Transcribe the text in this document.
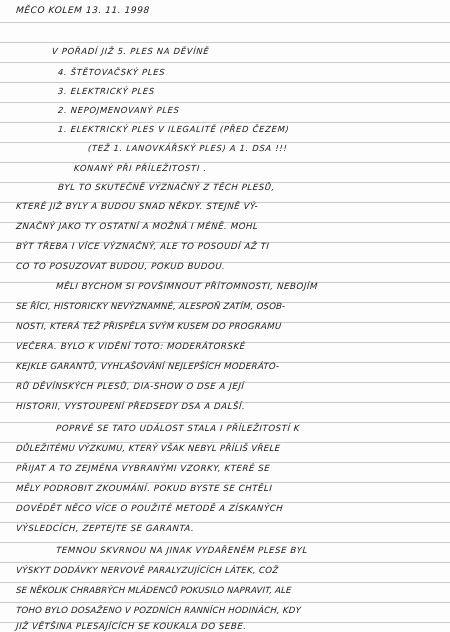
MĚCO KOLEM 13. 11. 1998
V POŘADÍ JIŽ 5. PLES NA DĚVÍNĚ
4. ŠTĚTOVAČSKÝ PLES
3. ELEKTRICKÝ PLES
2. NEPOJMENOVANÝ PLES
1. ELEKTRICKÝ PLES V ILEGALITĚ (PŘED ČEZEM)
(TEŽ 1. LANOVKÁŘSKÝ PLES) A 1. DSA !!!
KONANÝ PŘI PŘÍLEŽITOSTI .
BYL TO SKUTEČNĚ VÝZNAČNÝ Z TĚCH PLESŮ,
KTERÉ JIŽ BYLY A BUDOU SNAD NĚKDY. STEJNĚ VÝ-
ZNAČNÝ JAKO TY OSTATNÍ A MOŽNÁ I MÉNĚ. MOHL
BÝT TŘEBA I VÍCE VÝZNAČNÝ, ALE TO POSOUDÍ AŽ TI
CO TO POSUZOVAT BUDOU, POKUD BUDOU.
MĚLI BYCHOM SI POVŠIMNOUT PŘÍTOMNOSTI, NEBOJÍM
SE ŘÍCI, HISTORICKY NEVÝZNAMNÉ, ALESPOŇ ZATÍM, OSOB-
NOSTI, KTERÁ TEŽ PŘISPĚLA SVÝM KUSEM DO PROGRAMU
VEČERA. BYLO K VIDĚNÍ TOTO: MODERÁTORSKÉ
KEJKLE GARANTŮ, VYHLAŠOVÁNÍ NEJLEPŠÍCH MODERÁTO-
RŮ DĚVÍNSKÝCH PLESŮ, DIA-SHOW O DSE A JEJÍ
HISTORII, VYSTOUPENÍ PŘEDSEDY DSA A DALŠÍ.
POPRVÉ SE TATO UDÁLOST STALA I PŘÍLEŽITOSTÍ K
DŮLEŽITÉMU VÝZKUMU, KTERÝ VŠAK NEBYL PŘÍLIŠ VŘELE
PŘIJAT A TO ZEJMÉNA VYBRANÝMI VZORKY, KTERÉ SE
MĚLY PODROBIT ZKOUMÁNÍ. POKUD BYSTE SE CHTĚLI
DOVĚDĚT NĚCO VÍCE O POUŽITÉ METODĚ A ZÍSKANÝCH
VÝSLEDCÍCH, ZEPTEJTE SE GARANTA.
TEMNOU SKVRNOU NA JINAK VYDAŘENÉM PLESE BYL
VÝSKYT DODÁVKY NERVOVĚ PARALYZUJÍCÍCH LÁTEK, COŽ
SE NĚKOLIK CHRABRÝCH MLÁDENCŮ POKUSILO NAPRAVIT, ALE
TOHO BYLO DOSAŽENO V POZDNÍCH RANNÍCH HODINÁCH, KDY
JIŽ VĚTŠINA PLESAJÍCÍCH SE KOUKALA DO SEBE.
